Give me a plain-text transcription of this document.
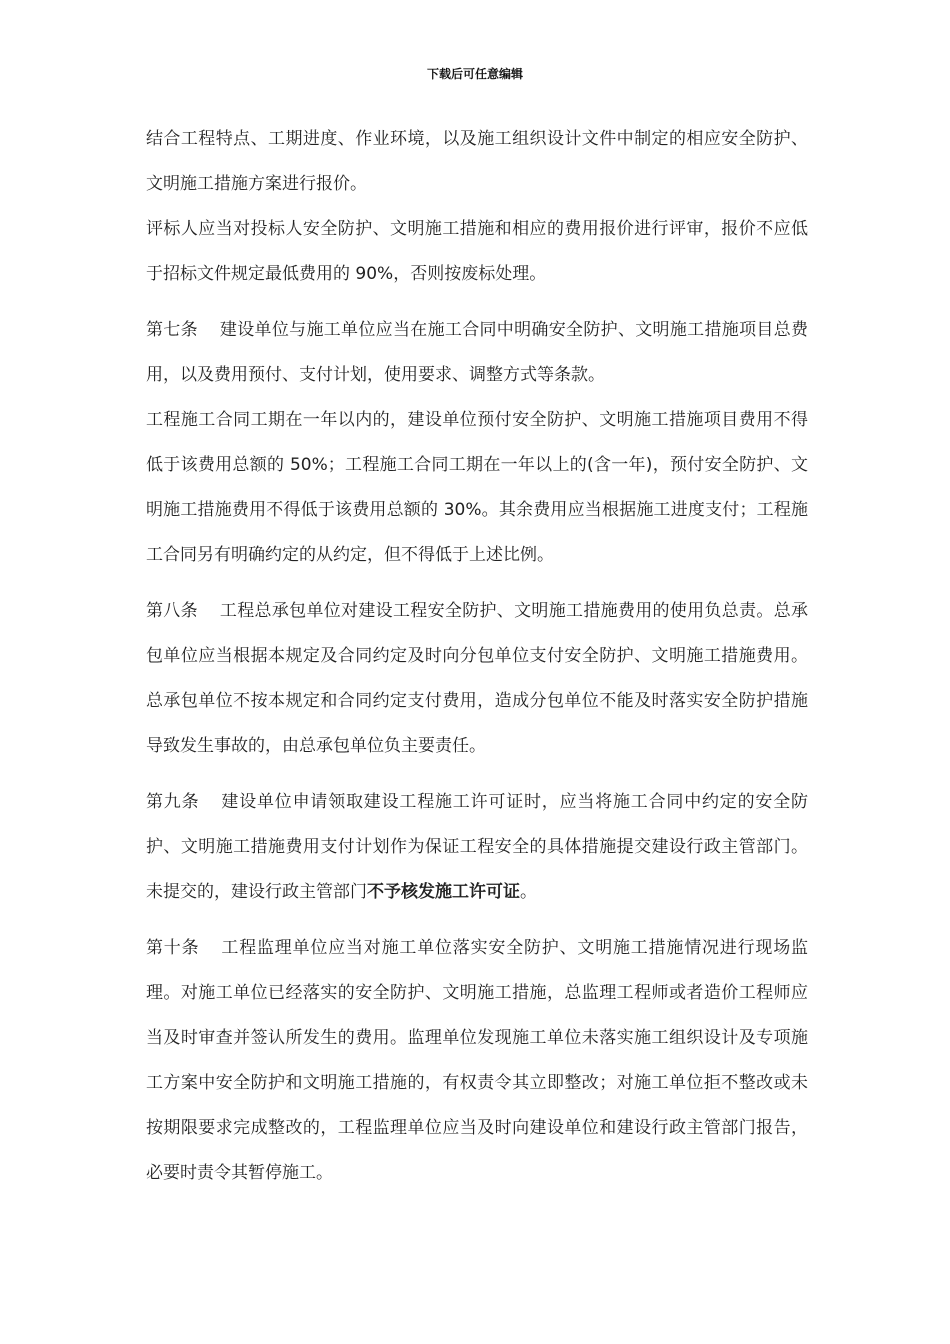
下载后可任意编辑

结合工程特点、工期进度、作业环境，以及施工组织设计文件中制定的相应安全防护、文明施工措施方案进行报价。

评标人应当对投标人安全防护、文明施工措施和相应的费用报价进行评审，报价不应低于招标文件规定最低费用的 90%，否则按废标处理。

第七条 建设单位与施工单位应当在施工合同中明确安全防护、文明施工措施项目总费用，以及费用预付、支付计划，使用要求、调整方式等条款。

工程施工合同工期在一年以内的，建设单位预付安全防护、文明施工措施项目费用不得低于该费用总额的 50%；工程施工合同工期在一年以上的(含一年)，预付安全防护、文明施工措施费用不得低于该费用总额的 30%。其余费用应当根据施工进度支付；工程施工合同另有明确约定的从约定，但不得低于上述比例。

第八条 工程总承包单位对建设工程安全防护、文明施工措施费用的使用负总责。总承包单位应当根据本规定及合同约定及时向分包单位支付安全防护、文明施工措施费用。总承包单位不按本规定和合同约定支付费用，造成分包单位不能及时落实安全防护措施导致发生事故的，由总承包单位负主要责任。

第九条 建设单位申请领取建设工程施工许可证时，应当将施工合同中约定的安全防护、文明施工措施费用支付计划作为保证工程安全的具体措施提交建设行政主管部门。未提交的，建设行政主管部门不予核发施工许可证。

第十条 工程监理单位应当对施工单位落实安全防护、文明施工措施情况进行现场监理。对施工单位已经落实的安全防护、文明施工措施，总监理工程师或者造价工程师应当及时审查并签认所发生的费用。监理单位发现施工单位未落实施工组织设计及专项施工方案中安全防护和文明施工措施的，有权责令其立即整改；对施工单位拒不整改或未按期限要求完成整改的，工程监理单位应当及时向建设单位和建设行政主管部门报告，必要时责令其暂停施工。
